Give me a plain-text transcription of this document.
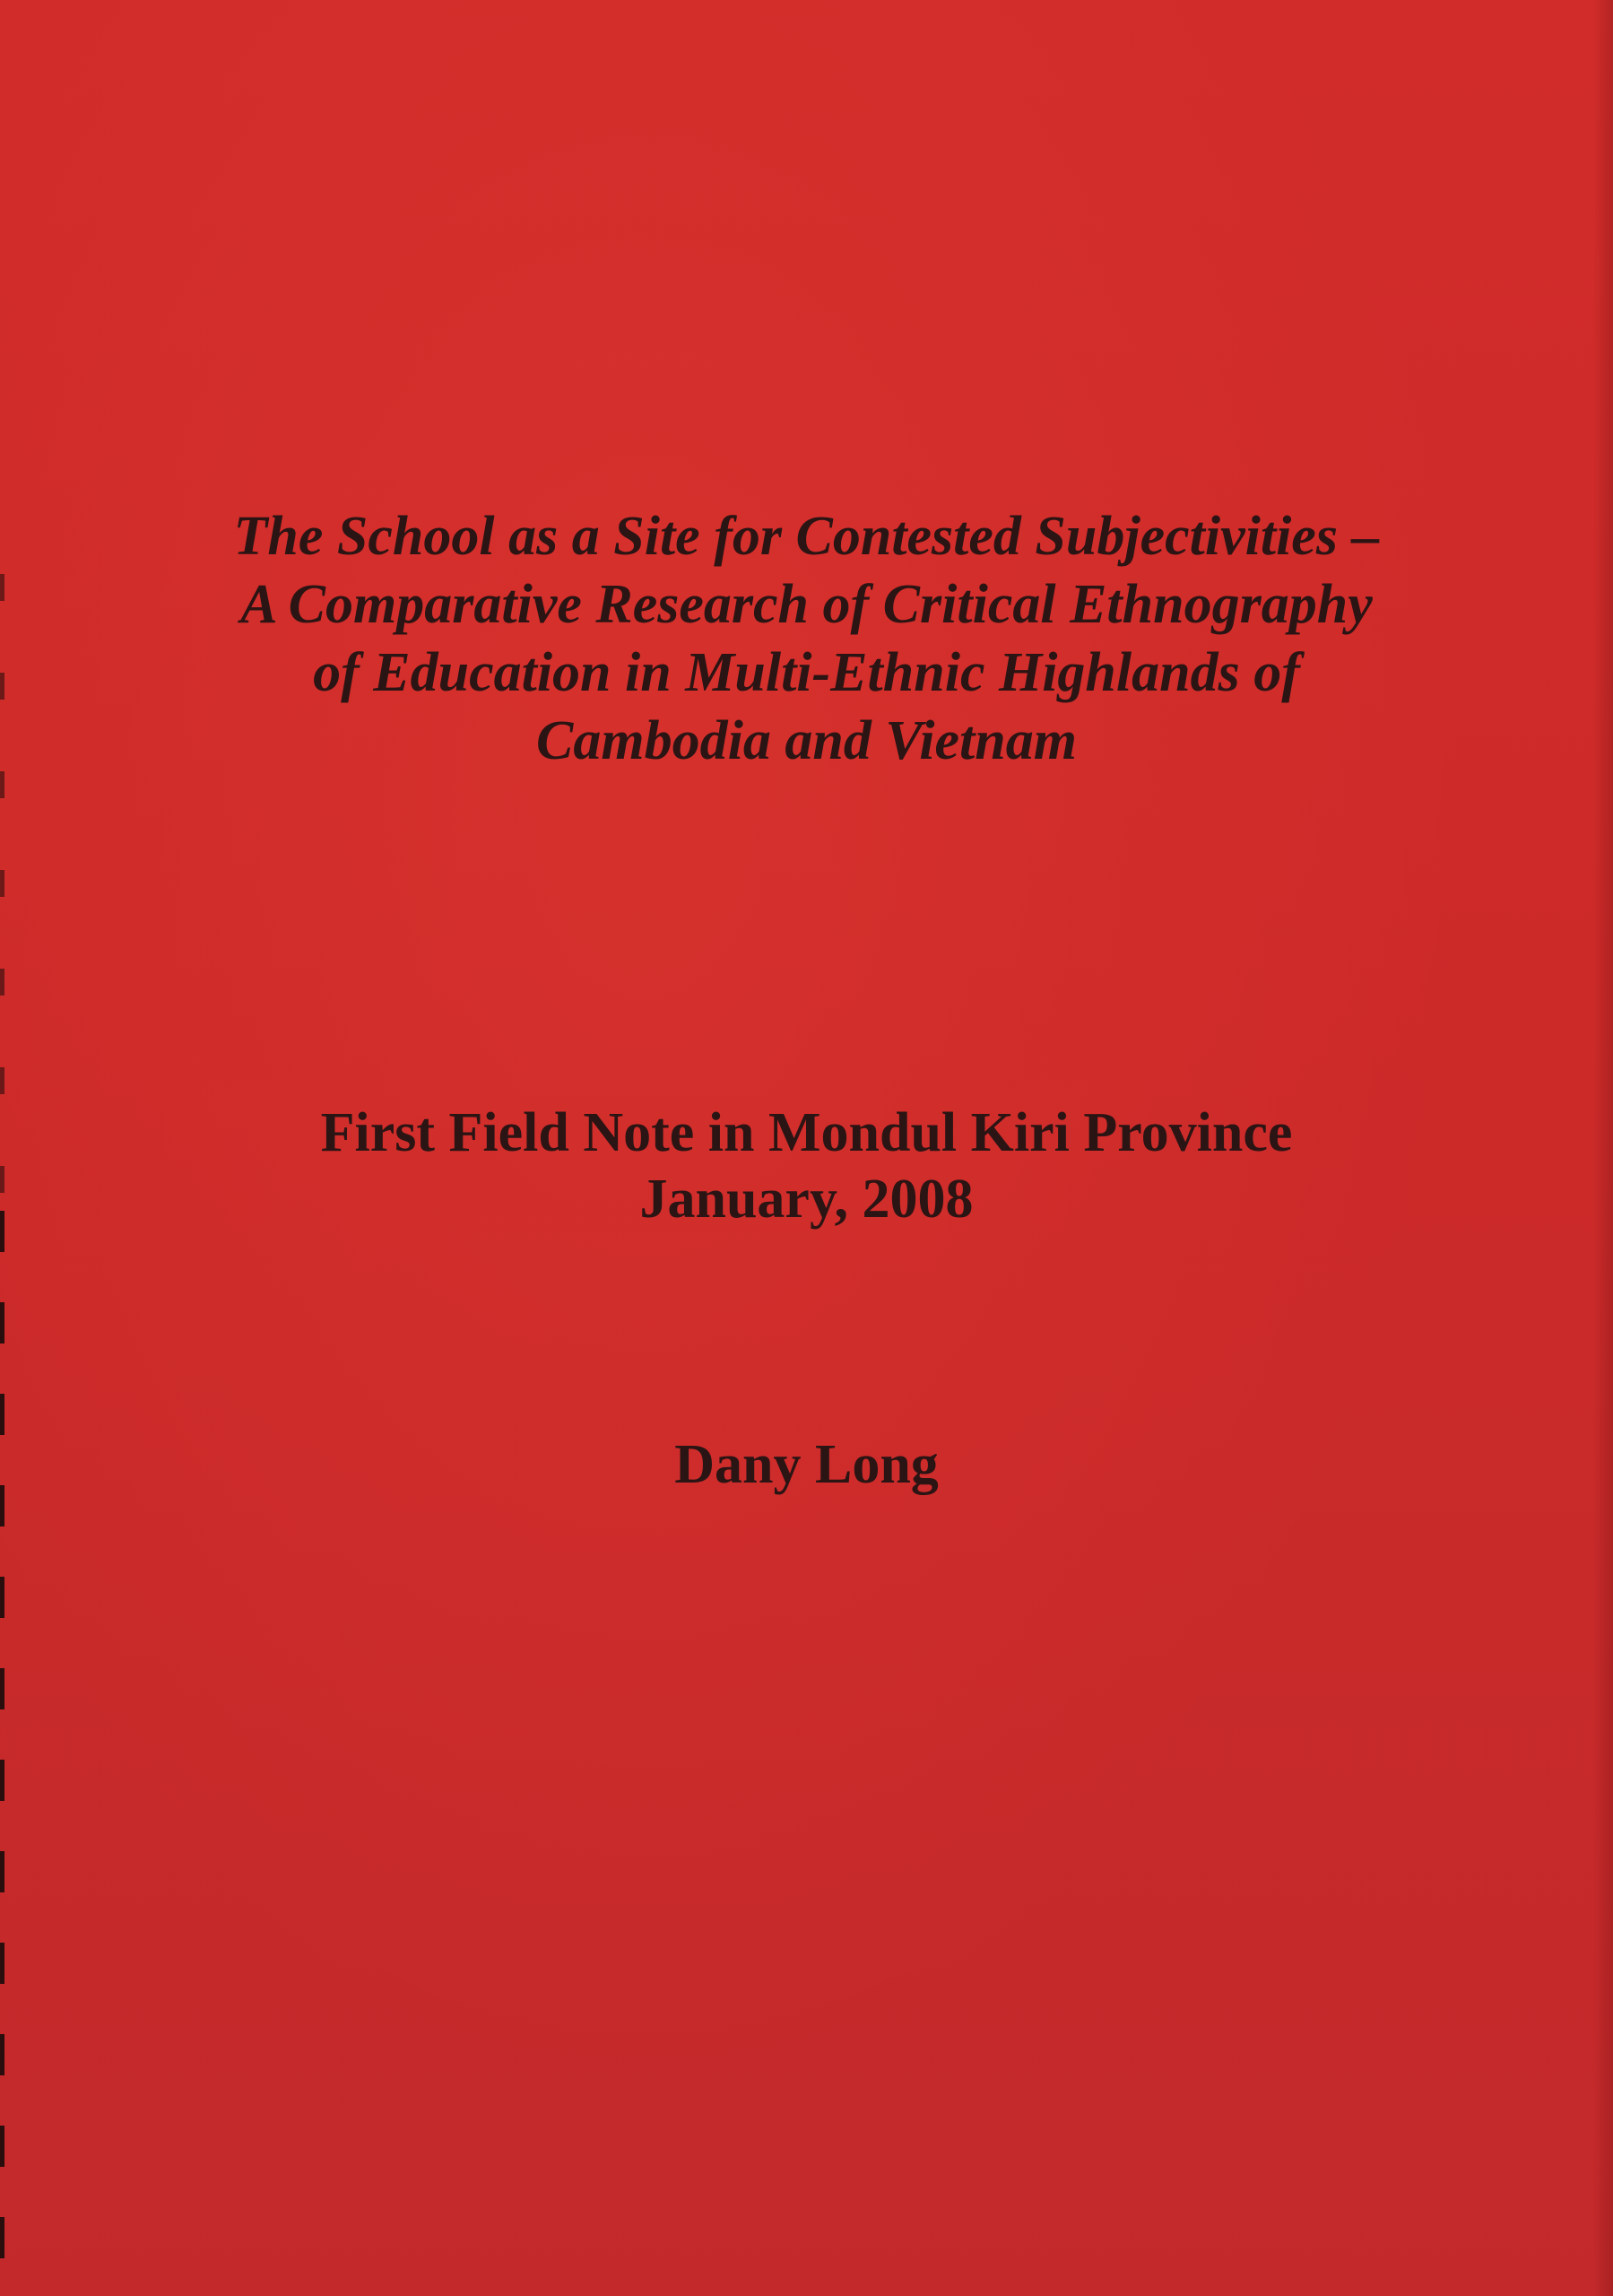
The School as a Site for Contested Subjectivities –
A Comparative Research of Critical Ethnography
of Education in Multi-Ethnic Highlands of
Cambodia and Vietnam
First Field Note in Mondul Kiri Province
January, 2008
Dany Long
